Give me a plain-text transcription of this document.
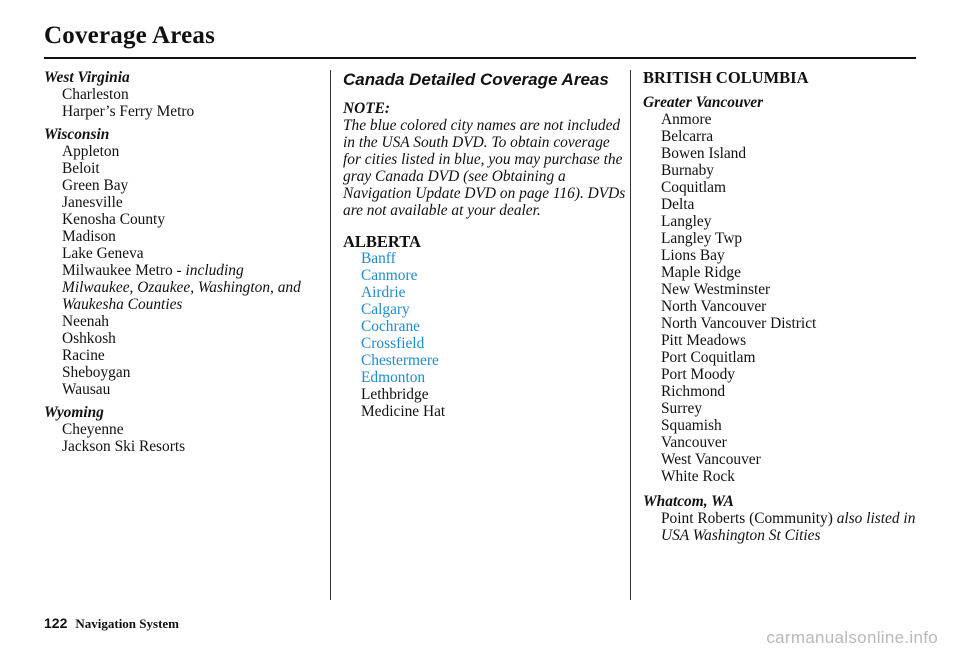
Coverage Areas
West Virginia
Charleston
Harper’s Ferry Metro
Wisconsin
Appleton
Beloit
Green Bay
Janesville
Kenosha County
Madison
Lake Geneva
Milwaukee Metro - including Milwaukee, Ozaukee, Washington, and Waukesha Counties
Neenah
Oshkosh
Racine
Sheboygan
Wausau
Wyoming
Cheyenne
Jackson Ski Resorts
Canada Detailed Coverage Areas
NOTE:
The blue colored city names are not included in the USA South DVD. To obtain coverage for cities listed in blue, you may purchase the gray Canada DVD (see Obtaining a Navigation Update DVD on page 116). DVDs are not available at your dealer.
ALBERTA
Banff
Canmore
Airdrie
Calgary
Cochrane
Crossfield
Chestermere
Edmonton
Lethbridge
Medicine Hat
BRITISH COLUMBIA
Greater Vancouver
Anmore
Belcarra
Bowen Island
Burnaby
Coquitlam
Delta
Langley
Langley Twp
Lions Bay
Maple Ridge
New Westminster
North Vancouver
North Vancouver District
Pitt Meadows
Port Coquitlam
Port Moody
Richmond
Surrey
Squamish
Vancouver
West Vancouver
White Rock
Whatcom, WA
Point Roberts (Community) also listed in USA Washington St Cities
122 Navigation System
carmanualsonline.info
